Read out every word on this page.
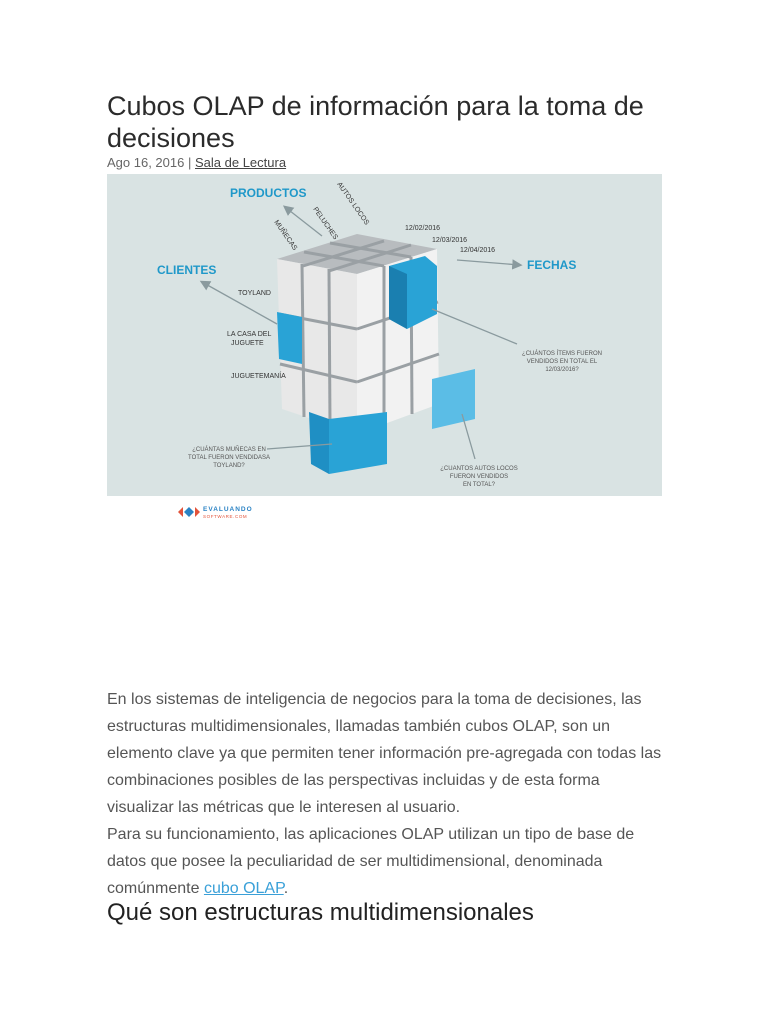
Cubos OLAP de información para la toma de decisiones
Ago 16, 2016 | Sala de Lectura
PRODUCTOS
CLIENTES	FECHAS
MUÑECAS PELUCHES
AUTOS LOCOS
12/02/2016
12/03/2016
12/04/2016
TOYLAND
LA CASA DEL
JUGUETE
JUGUETEMANÍA
¿CUÁNTOS ÍTEMS FUERON
VENDIDOS EN TOTAL EL
12/03/2016?
¿CUÁNTAS MUÑECAS EN
TOTAL FUERON VENDIDASA
TOYLAND?	¿CUANTOS AUTOS LOCOS
FUERON VENDIDOS
EN TOTAL?
EVALUANDO
SOFTWARE.COM

En los sistemas de inteligencia de negocios para la toma de decisiones, las estructuras multidimensionales, llamadas también cubos OLAP, son un elemento clave ya que permiten tener información pre-agregada con todas las combinaciones posibles de las perspectivas incluidas y de esta forma visualizar las métricas que le interesen al usuario.

Para su funcionamiento, las aplicaciones OLAP utilizan un tipo de base de datos que posee la peculiaridad de ser multidimensional, denominada comúnmente cubo OLAP.

Qué son estructuras multidimensionales
